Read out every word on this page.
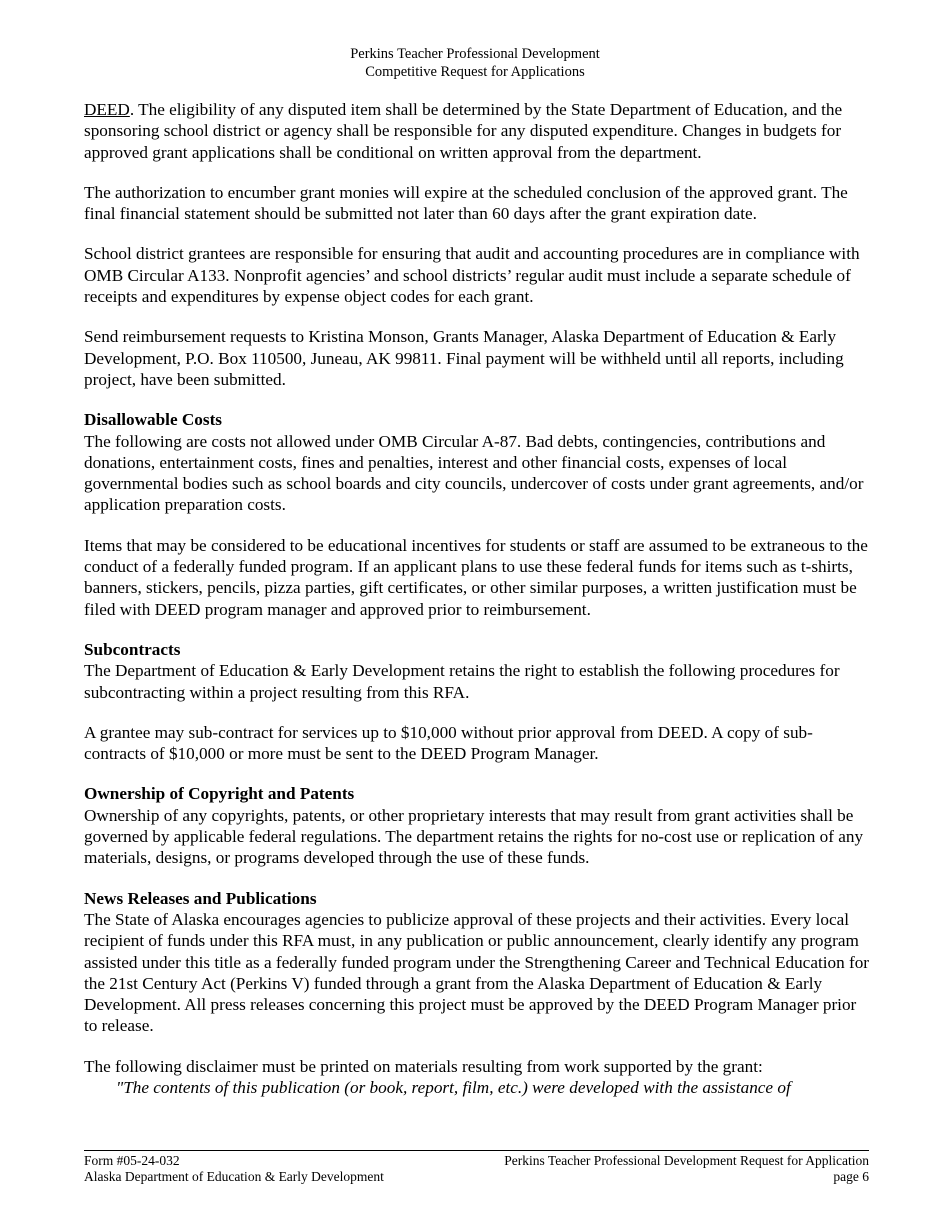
Perkins Teacher Professional Development
Competitive Request for Applications

DEED. The eligibility of any disputed item shall be determined by the State Department of Education, and the sponsoring school district or agency shall be responsible for any disputed expenditure. Changes in budgets for approved grant applications shall be conditional on written approval from the department.

The authorization to encumber grant monies will expire at the scheduled conclusion of the approved grant. The final financial statement should be submitted not later than 60 days after the grant expiration date.

School district grantees are responsible for ensuring that audit and accounting procedures are in compliance with OMB Circular A133. Nonprofit agencies’ and school districts’ regular audit must include a separate schedule of receipts and expenditures by expense object codes for each grant.

Send reimbursement requests to Kristina Monson, Grants Manager, Alaska Department of Education & Early Development, P.O. Box 110500, Juneau, AK 99811. Final payment will be withheld until all reports, including project, have been submitted.

Disallowable Costs
The following are costs not allowed under OMB Circular A-87. Bad debts, contingencies, contributions and donations, entertainment costs, fines and penalties, interest and other financial costs, expenses of local governmental bodies such as school boards and city councils, undercover of costs under grant agreements, and/or application preparation costs.

Items that may be considered to be educational incentives for students or staff are assumed to be extraneous to the conduct of a federally funded program. If an applicant plans to use these federal funds for items such as t-shirts, banners, stickers, pencils, pizza parties, gift certificates, or other similar purposes, a written justification must be filed with DEED program manager and approved prior to reimbursement.

Subcontracts
The Department of Education & Early Development retains the right to establish the following procedures for subcontracting within a project resulting from this RFA.

A grantee may sub-contract for services up to $10,000 without prior approval from DEED. A copy of sub-contracts of $10,000 or more must be sent to the DEED Program Manager.

Ownership of Copyright and Patents
Ownership of any copyrights, patents, or other proprietary interests that may result from grant activities shall be governed by applicable federal regulations. The department retains the rights for no-cost use or replication of any materials, designs, or programs developed through the use of these funds.

News Releases and Publications
The State of Alaska encourages agencies to publicize approval of these projects and their activities. Every local recipient of funds under this RFA must, in any publication or public announcement, clearly identify any program assisted under this title as a federally funded program under the Strengthening Career and Technical Education for the 21st Century Act (Perkins V) funded through a grant from the Alaska Department of Education & Early Development. All press releases concerning this project must be approved by the DEED Program Manager prior to release.

The following disclaimer must be printed on materials resulting from work supported by the grant:
"The contents of this publication (or book, report, film, etc.) were developed with the assistance of

Form #05-24-032
Alaska Department of Education & Early Development
Perkins Teacher Professional Development Request for Application
page 6
